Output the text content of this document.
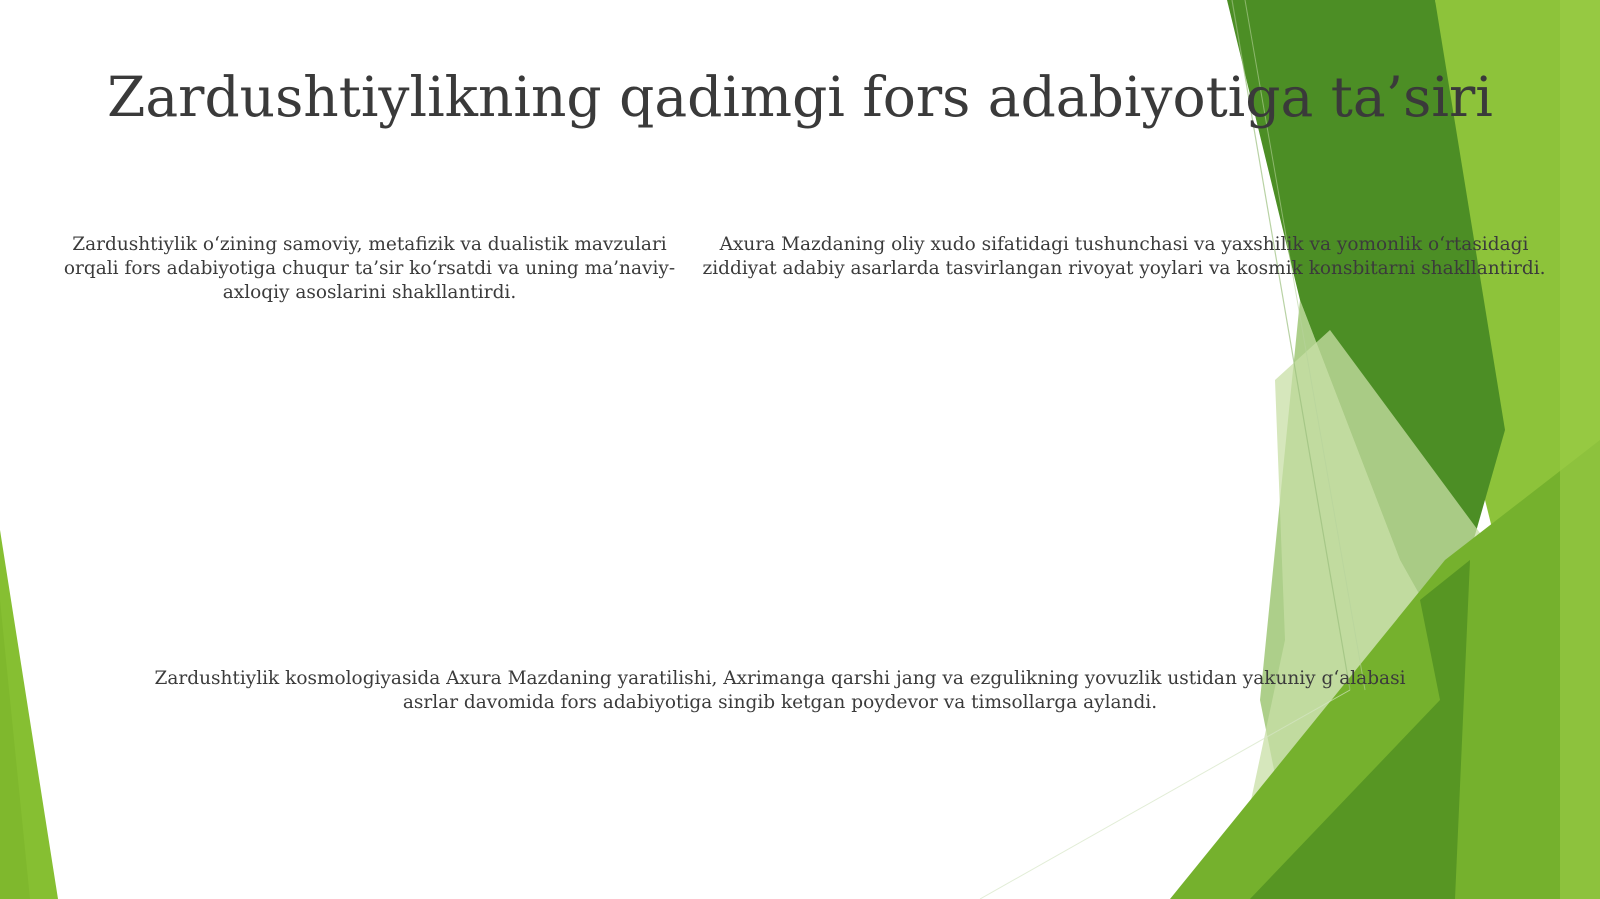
Zardushtiylikning qadimgi fors adabiyotiga ta’siri
Zardushtiylik o‘zining samoviy, metafizik va dualistik mavzulari orqali fors adabiyotiga chuqur ta’sir ko‘rsatdi va uning ma’naviy-axloqiy asoslarini shakllantirdi.
Axura Mazdaning oliy xudo sifatidagi tushunchasi va yaxshilik va yomonlik o‘rtasidagi ziddiyat adabiy asarlarda tasvirlangan rivoyat yoylari va kosmik konsbitarni shakllantirdi.
Zardushtiylik kosmologiyasida Axura Mazdaning yaratilishi, Axrimanga qarshi jang va ezgulikning yovuzlik ustidan yakuniy g‘alabasi asrlar davomida fors adabiyotiga singib ketgan poydevor va timsollarga aylandi.
